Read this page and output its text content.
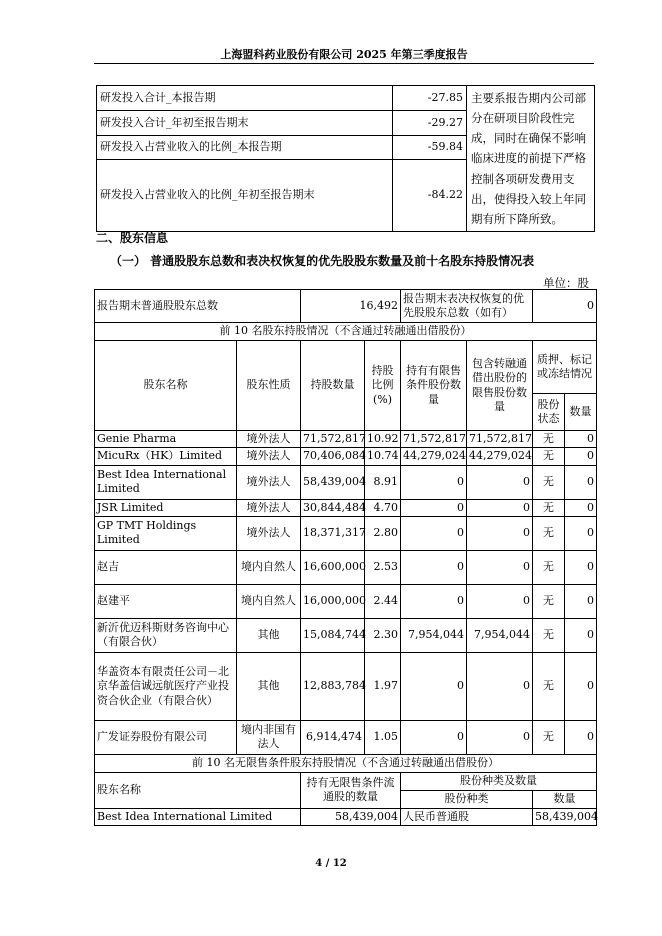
上海盟科药业股份有限公司 2025 年第三季度报告
研发投入合计_本报告期	-27.85	主要系报告期内公司部分在研项目阶段性完成，同时在确保不影响临床进度的前提下严格控制各项研发费用支出，使得投入较上年同期有所下降所致。
研发投入合计_年初至报告期末	-29.27	
研发投入占营业收入的比例_本报告期	-59.84	
研发投入占营业收入的比例_年初至报告期末	-84.22	
二、股东信息
（一） 普通股股东总数和表决权恢复的优先股股东数量及前十名股东持股情况表
单位：股
报告期末普通股股东总数		16,492		报告期末表决权恢复的优先股股东总数（如有）		0	
前 10 名股东持股情况（不含通过转融通出借股份）							
股东名称	股东性质	持股数量	持股比例(%)	持有有限售条件股份数量	包含转融通借出股份的限售股份数量	质押、标记或冻结情况	
						股份状态	数量
Genie Pharma	境外法人	71,572,817	10.92	71,572,817	71,572,817	无	0
MicuRx（HK）Limited	境外法人	70,406,084	10.74	44,279,024	44,279,024	无	0
Best Idea International Limited	境外法人	58,439,004	8.91	0	0	无	0
JSR Limited	境外法人	30,844,484	4.70	0	0	无	0
GP TMT Holdings Limited	境外法人	18,371,317	2.80	0	0	无	0
赵吉	境内自然人	16,600,000	2.53	0	0	无	0
赵建平	境内自然人	16,000,000	2.44	0	0	无	0
新沂优迈科斯财务咨询中心（有限合伙）	其他	15,084,744	2.30	7,954,044	7,954,044	无	0
华盖资本有限责任公司－北京华盖信诚远航医疗产业投资合伙企业（有限合伙）	其他	12,883,784	1.97	0	0	无	0
广发证券股份有限公司	境内非国有法人	6,914,474	1.05	0	0	无	0
前 10 名无限售条件股东持股情况（不含通过转融通出借股份）							
股东名称		持有无限售条件流通股的数量		股份种类及数量			
				股份种类		数量	
Best Idea International Limited		58,439,004		人民币普通股		58,439,004	
4 / 12
